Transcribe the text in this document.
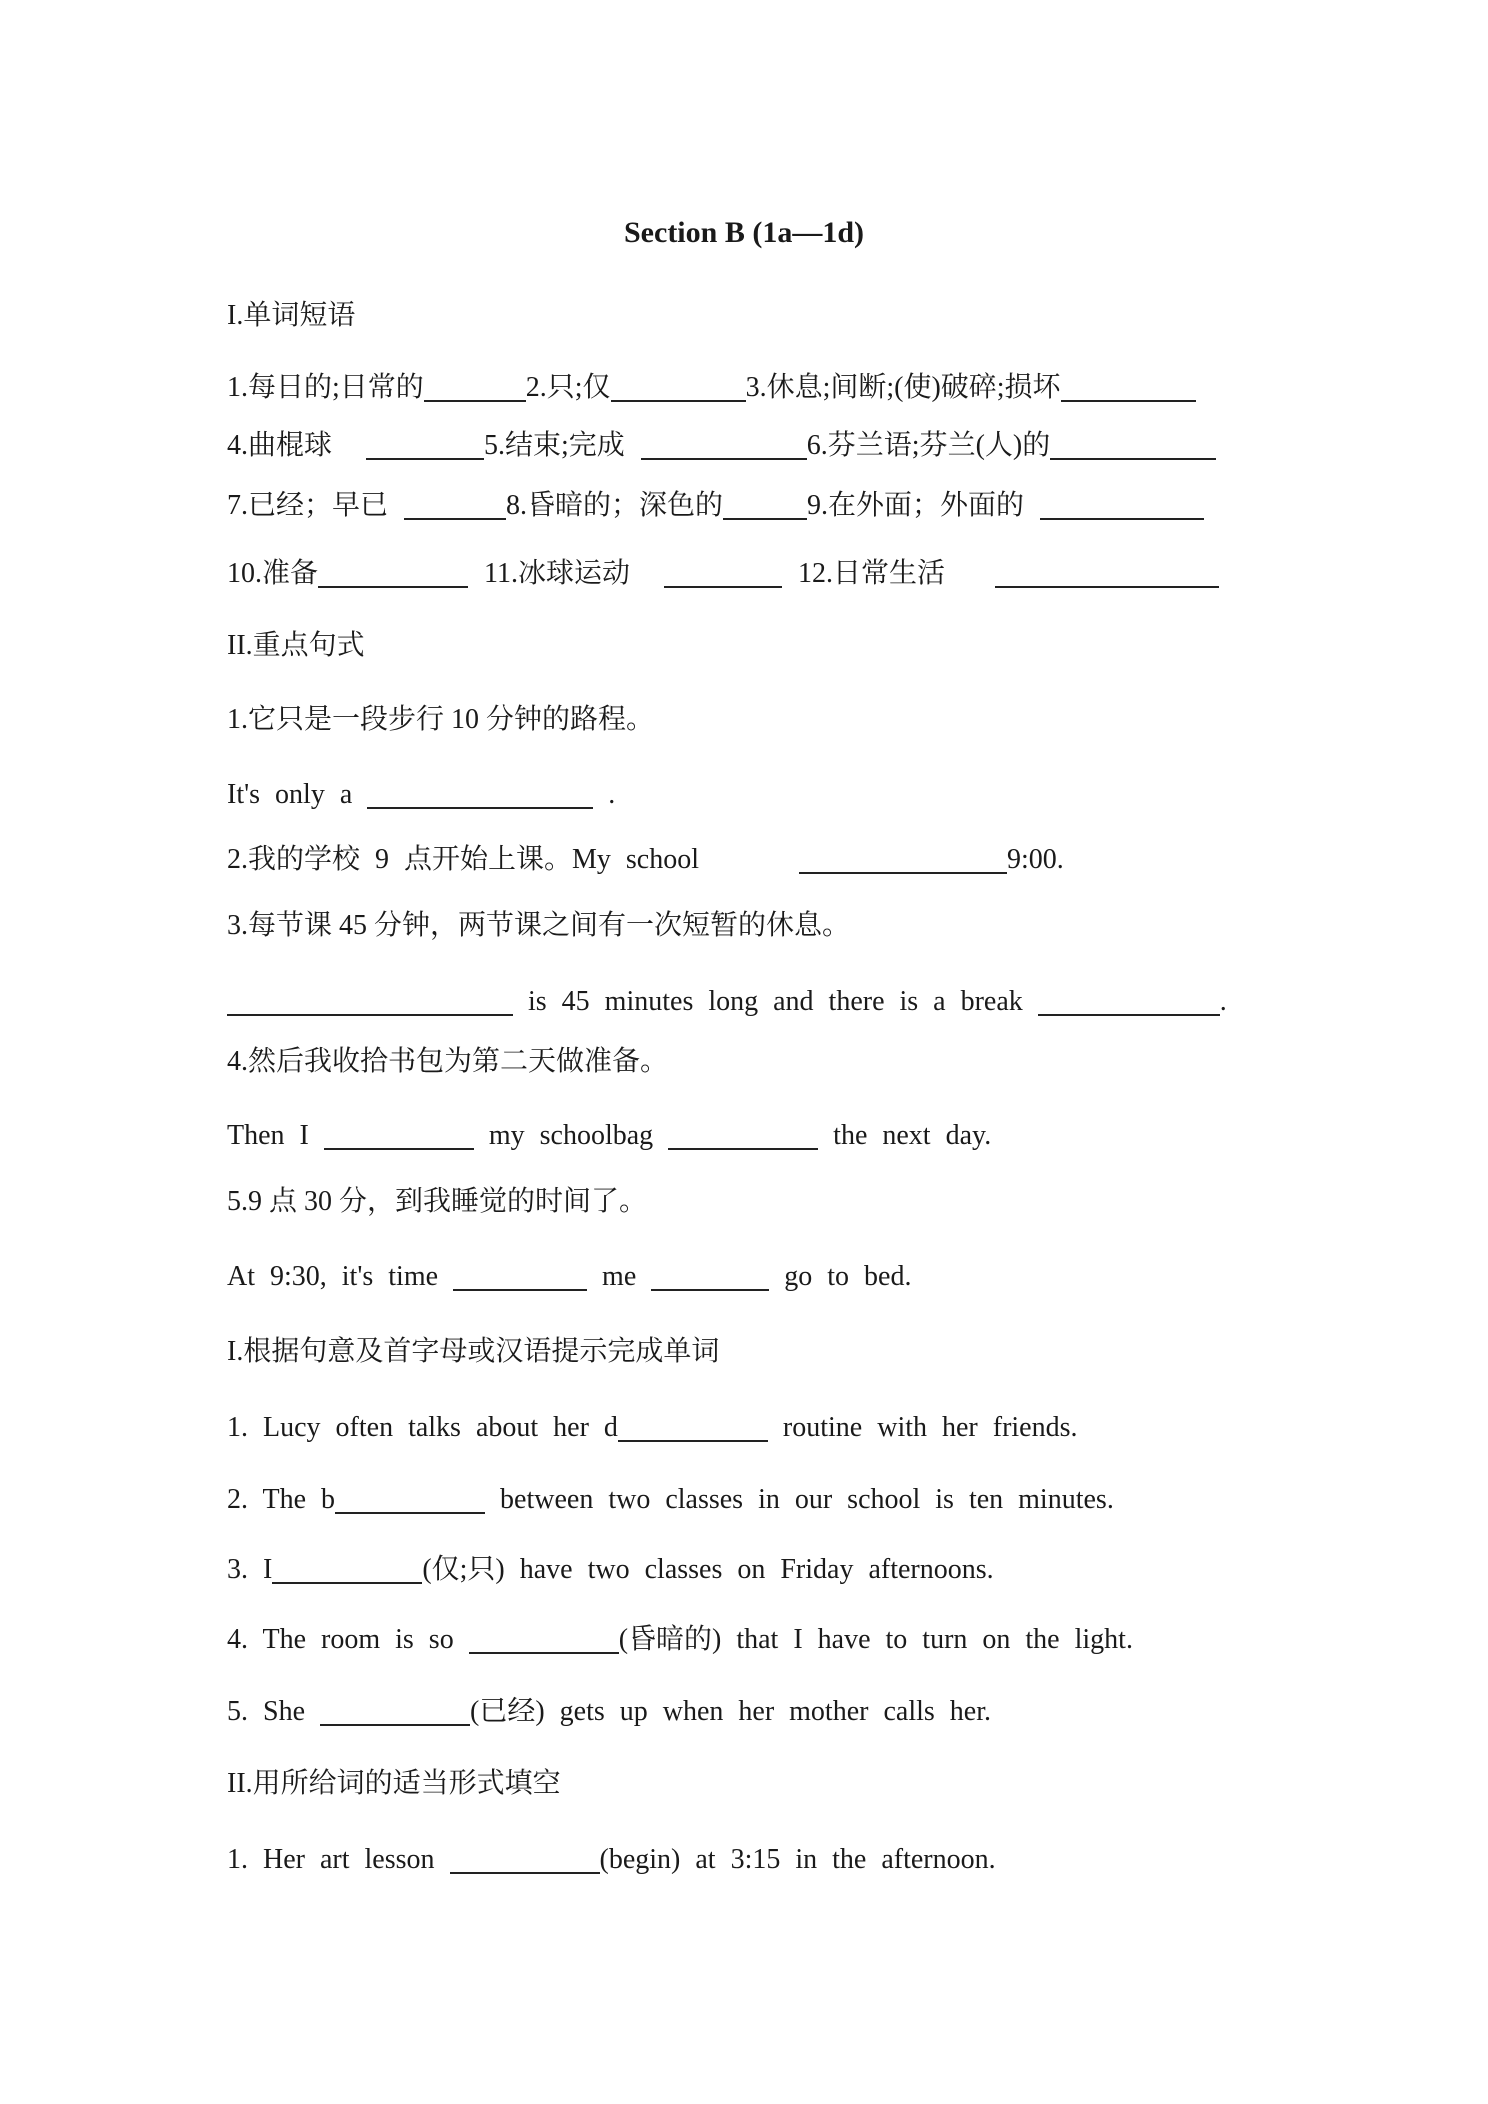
Section B (1a—1d)
I.单词短语
1.每日的;日常的	2.只;仅	3.休息;间断;(使)破碎;损坏
4.曲棍球	5.结束;完成	6.芬兰语;芬兰(人)的
7.已经；早已	8.昏暗的；深色的	9.在外面；外面的
10.准备	11.冰球运动	12.日常生活
II.重点句式
1.它只是一段步行 10 分钟的路程。
It's only a	.
2.我的学校 9 点开始上课。My school	9:00.
3.每节课 45 分钟，两节课之间有一次短暂的休息。
is 45 minutes long and there is a break	.
4.然后我收拾书包为第二天做准备。
Then I	my schoolbag	the next day.
5.9 点 30 分，到我睡觉的时间了。
At 9:30, it's time	me	go to bed.
I.根据句意及首字母或汉语提示完成单词
1. Lucy often talks about her d	routine with her friends.
2. The b	between two classes in our school is ten minutes.
3. I	(仅;只) have two classes on Friday afternoons.
4. The room is so	(昏暗的) that I have to turn on the light.
5. She	(已经) gets up when her mother calls her.
II.用所给词的适当形式填空
1. Her art lesson	(begin) at 3:15 in the afternoon.
